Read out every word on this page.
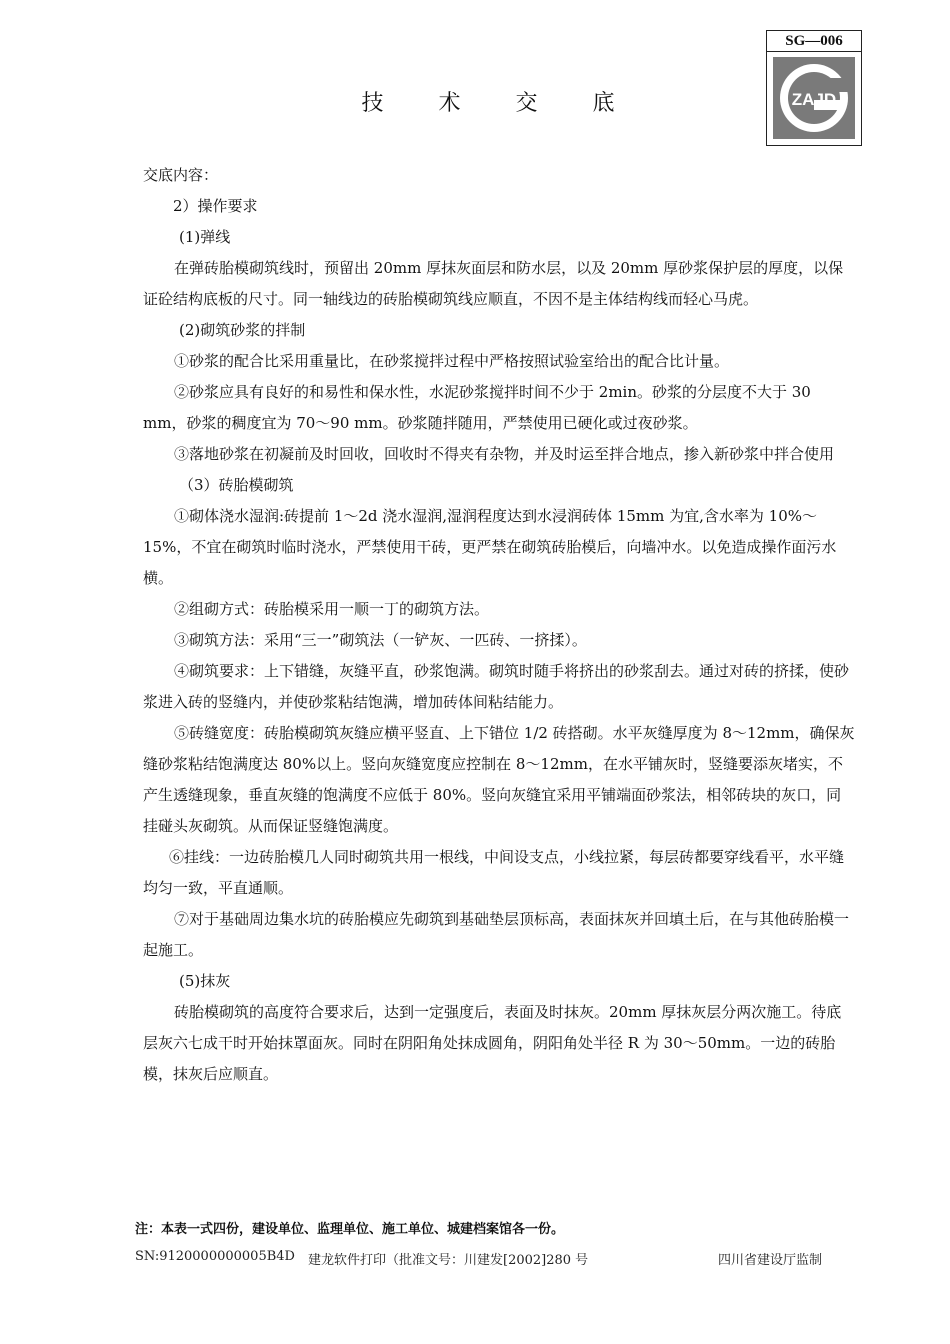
SG—006
ZAJD
技 术 交 底

交底内容：

2）操作要求

(1)弹线

在弹砖胎模砌筑线时，预留出 20mm 厚抹灰面层和防水层，以及 20mm 厚砂浆保护层的厚度，以保证砼结构底板的尺寸。同一轴线边的砖胎模砌筑线应顺直，不因不是主体结构线而轻心马虎。

(2)砌筑砂浆的拌制

①砂浆的配合比采用重量比，在砂浆搅拌过程中严格按照试验室给出的配合比计量。

②砂浆应具有良好的和易性和保水性，水泥砂浆搅拌时间不少于 2min。砂浆的分层度不大于 30 mm，砂浆的稠度宜为 70～90 mm。砂浆随拌随用，严禁使用已硬化或过夜砂浆。

③落地砂浆在初凝前及时回收，回收时不得夹有杂物，并及时运至拌合地点，掺入新砂浆中拌合使用

（3）砖胎模砌筑

①砌体浇水湿润:砖提前 1～2d 浇水湿润,湿润程度达到水浸润砖体 15mm 为宜,含水率为 10%～15%，不宜在砌筑时临时浇水，严禁使用干砖，更严禁在砌筑砖胎模后，向墙冲水。以免造成操作面污水横。

②组砌方式：砖胎模采用一顺一丁的砌筑方法。

③砌筑方法：采用“三一”砌筑法（一铲灰、一匹砖、一挤揉）。

④砌筑要求：上下错缝，灰缝平直，砂浆饱满。砌筑时随手将挤出的砂浆刮去。通过对砖的挤揉，使砂浆进入砖的竖缝内，并使砂浆粘结饱满，增加砖体间粘结能力。

⑤砖缝宽度：砖胎模砌筑灰缝应横平竖直、上下错位 1/2 砖搭砌。水平灰缝厚度为 8～12mm，确保灰缝砂浆粘结饱满度达 80%以上。竖向灰缝宽度应控制在 8～12mm，在水平铺灰时，竖缝要添灰堵实，不产生透缝现象，垂直灰缝的饱满度不应低于 80%。竖向灰缝宜采用平铺端面砂浆法，相邻砖块的灰口，同挂碰头灰砌筑。从而保证竖缝饱满度。

⑥挂线：一边砖胎模几人同时砌筑共用一根线，中间设支点，小线拉紧，每层砖都要穿线看平，水平缝均匀一致，平直通顺。

⑦对于基础周边集水坑的砖胎模应先砌筑到基础垫层顶标高，表面抹灰并回填土后，在与其他砖胎模一起施工。

(5)抹灰

砖胎模砌筑的高度符合要求后，达到一定强度后，表面及时抹灰。20mm 厚抹灰层分两次施工。待底层灰六七成干时开始抹罩面灰。同时在阴阳角处抹成圆角，阴阳角处半径 R 为 30～50mm。一边的砖胎模，抹灰后应顺直。

注：本表一式四份，建设单位、监理单位、施工单位、城建档案馆各一份。
SN:9120000000005B4D 建龙软件打印（批准文号：川建发[2002]280 号	四川省建设厅监制
